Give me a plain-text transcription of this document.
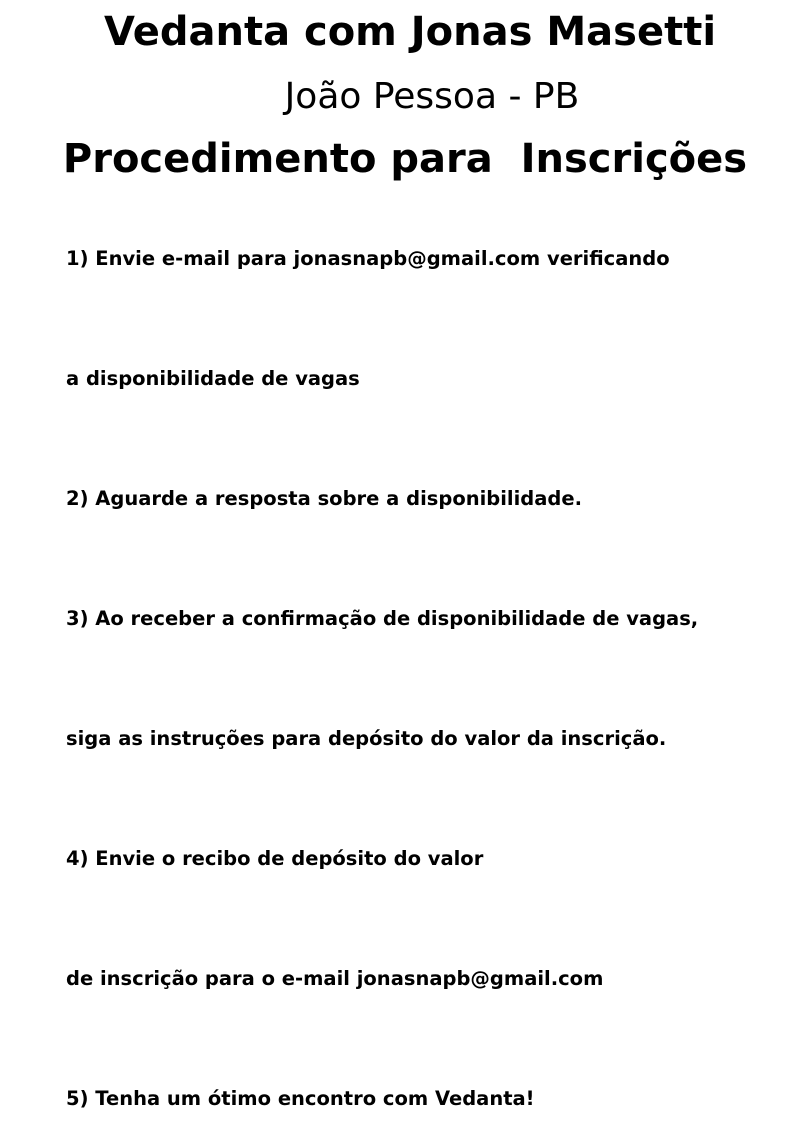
Vedanta com Jonas Masetti
João Pessoa - PB
Procedimento para  Inscrições

1) Envie e-mail para jonasnapb@gmail.com verificando

a disponibilidade de vagas

2) Aguarde a resposta sobre a disponibilidade.

3) Ao receber a confirmação de disponibilidade de vagas,

siga as instruções para depósito do valor da inscrição.

4) Envie o recibo de depósito do valor

de inscrição para o e-mail jonasnapb@gmail.com

5) Tenha um ótimo encontro com Vedanta!
